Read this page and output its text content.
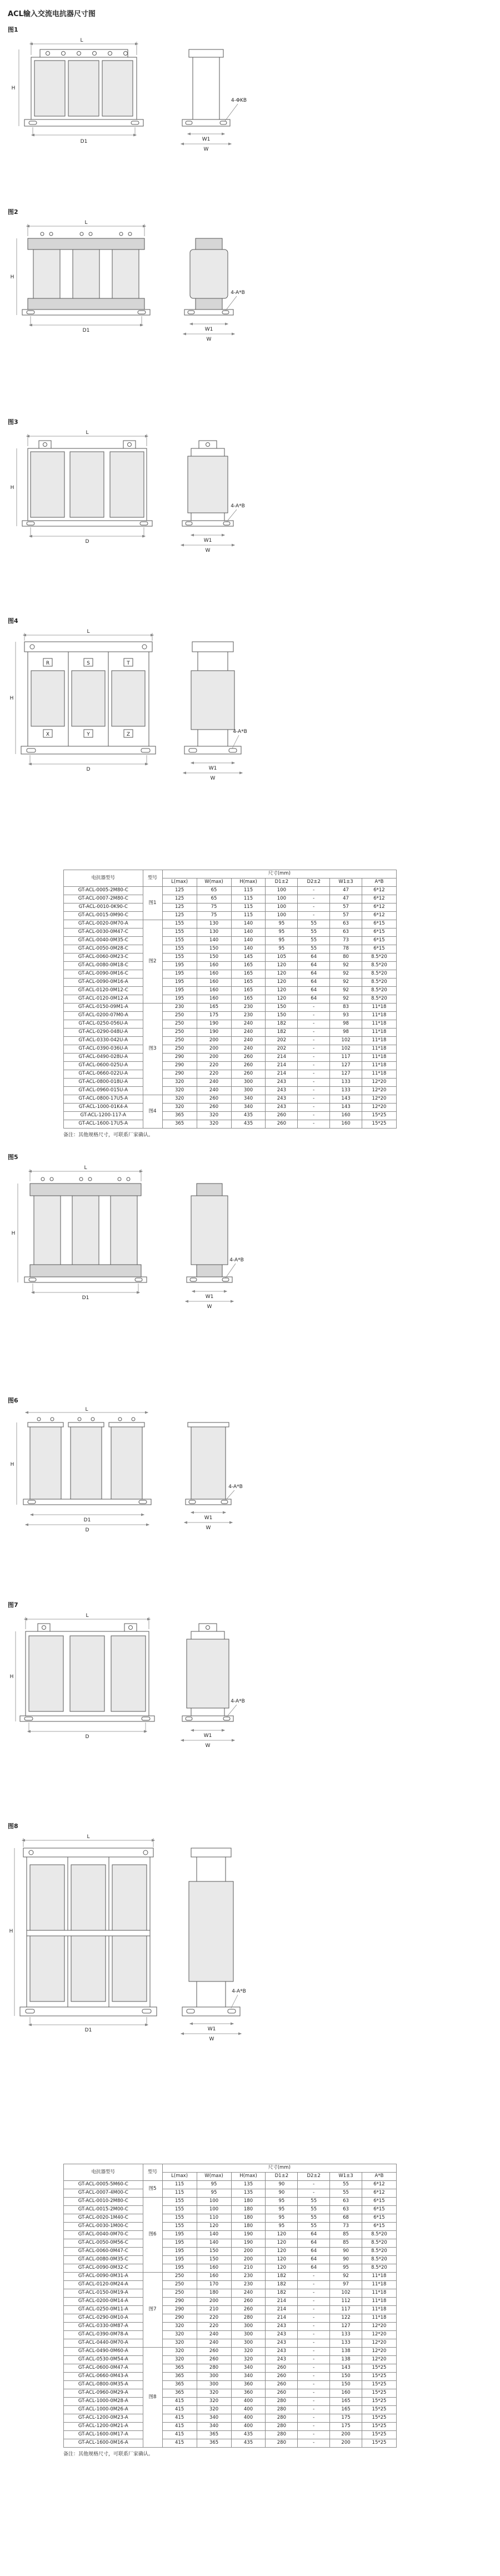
ACL输入交流电抗器尺寸图
图1
L
H
D1
4-ΦKB
W1
W
图2
L
H
D1
4-A*B
W1
W
图3
L
H
D
4-A*B
W1
W
图4
L
R	S	T
X	Y	Z
H
D
4-A*B
W1
W
电抗器型号	型号	尺寸(mm)						
		L(max)	W(max)	H(max)	D1±2	D2±2	W1±3	A*B
GT-ACL-0005-2M80-C	图1	125	65	115	100	-	47	6*12
GT-ACL-0007-2M80-C		125	65	115	100	-	47	6*12
GT-ACL-0010-0K90-C		125	75	115	100	-	57	6*12
GT-ACL-0015-0M90-C		125	75	115	100	-	57	6*12
GT-ACL-0020-0M70-A	图2	155	130	140	95	55	63	6*15
GT-ACL-0030-0M47-C		155	130	140	95	55	63	6*15
GT-ACL-0040-0M35-C		155	140	140	95	55	73	6*15
GT-ACL-0050-0M28-C		155	150	140	95	55	78	6*15
GT-ACL-0060-0M23-C		155	150	145	105	64	80	8.5*20
GT-ACL-0080-0M18-C		195	160	165	120	64	92	8.5*20
GT-ACL-0090-0M16-C		195	160	165	120	64	92	8.5*20
GT-ACL-0090-0M16-A		195	160	165	120	64	92	8.5*20
GT-ACL-0120-0M12-C		195	160	165	120	64	92	8.5*20
GT-ACL-0120-0M12-A		195	160	165	120	64	92	8.5*20
GT-ACL-0150-09M1-A	图3	230	165	230	150	-	83	11*18
GT-ACL-0200-07M0-A		250	175	230	150	-	93	11*18
GT-ACL-0250-056U-A		250	190	240	182	-	98	11*18
GT-ACL-0290-048U-A		250	190	240	182	-	98	11*18
GT-ACL-0330-042U-A		250	200	240	202	-	102	11*18
GT-ACL-0390-036U-A		250	200	240	202	-	102	11*18
GT-ACL-0490-028U-A		290	200	260	214	-	117	11*18
GT-ACL-0600-025U-A		290	220	260	214	-	127	11*18
GT-ACL-0660-022U-A		290	220	260	214	-	127	11*18
GT-ACL-0800-018U-A		320	240	300	243	-	133	12*20
GT-ACL-0960-015U-A		320	240	300	243	-	133	12*20
GT-ACL-0800-17U5-A	图4	320	260	340	243	-	143	12*20
GT-ACL-1000-01K4-A		320	260	340	243	-	143	12*20
GT-ACL-1200-117-A		365	320	435	260	-	160	15*25
GT-ACL-1600-17U5-A		365	320	435	260	-	160	15*25
备注：其他规格尺寸，可联系厂家确认。
图5
L
H
D1
4-A*B
W1
W
图6
L
H
D1
D
4-A*B
W1
W
图7
L
H
D
4-A*B
W1
W
图8
L
H
D1
4-A*B
W1
W
电抗器型号	型号	尺寸(mm)						
		L(max)	W(max)	H(max)	D1±2	D2±2	W1±3	A*B
GT-ACL-0005-5M60-C	图5	115	95	135	90	-	55	6*12
GT-ACL-0007-4M00-C		115	95	135	90	-	55	6*12
GT-ACL-0010-2M80-C	图6	155	100	180	95	55	63	6*15
GT-ACL-0015-2M00-C		155	100	180	95	55	63	6*15
GT-ACL-0020-1M40-C		155	110	180	95	55	68	6*15
GT-ACL-0030-1M00-C		155	120	180	95	55	73	6*15
GT-ACL-0040-0M70-C		195	140	190	120	64	85	8.5*20
GT-ACL-0050-0M56-C		195	140	190	120	64	85	8.5*20
GT-ACL-0060-0M47-C		195	150	200	120	64	90	8.5*20
GT-ACL-0080-0M35-C		195	150	200	120	64	90	8.5*20
GT-ACL-0090-0M32-C		195	160	210	120	64	95	8.5*20
GT-ACL-0090-0M31-A	图7	250	160	230	182	-	92	11*18
GT-ACL-0120-0M24-A		250	170	230	182	-	97	11*18
GT-ACL-0150-0M19-A		250	180	240	182	-	102	11*18
GT-ACL-0200-0M14-A		290	200	260	214	-	112	11*18
GT-ACL-0250-0M11-A		290	210	260	214	-	117	11*18
GT-ACL-0290-0M10-A		290	220	280	214	-	122	11*18
GT-ACL-0330-0M87-A		320	220	300	243	-	127	12*20
GT-ACL-0390-0M78-A		320	240	300	243	-	133	12*20
GT-ACL-0440-0M70-A		320	240	300	243	-	133	12*20
GT-ACL-0490-0M60-A	图8	320	260	320	243	-	138	12*20
GT-ACL-0530-0M54-A		320	260	320	243	-	138	12*20
GT-ACL-0600-0M47-A		365	280	340	260	-	143	15*25
GT-ACL-0660-0M43-A		365	300	340	260	-	150	15*25
GT-ACL-0800-0M35-A		365	300	360	260	-	150	15*25
GT-ACL-0960-0M29-A		365	320	360	260	-	160	15*25
GT-ACL-1000-0M28-A		415	320	400	280	-	165	15*25
GT-ACL-1000-0M26-A		415	320	400	280	-	165	15*25
GT-ACL-1200-0M23-A		415	340	400	280	-	175	15*25
GT-ACL-1200-0M21-A		415	340	400	280	-	175	15*25
GT-ACL-1600-0M17-A		415	365	435	280	-	200	15*25
GT-ACL-1600-0M16-A		415	365	435	280	-	200	15*25
备注：其他规格尺寸，可联系厂家确认。
